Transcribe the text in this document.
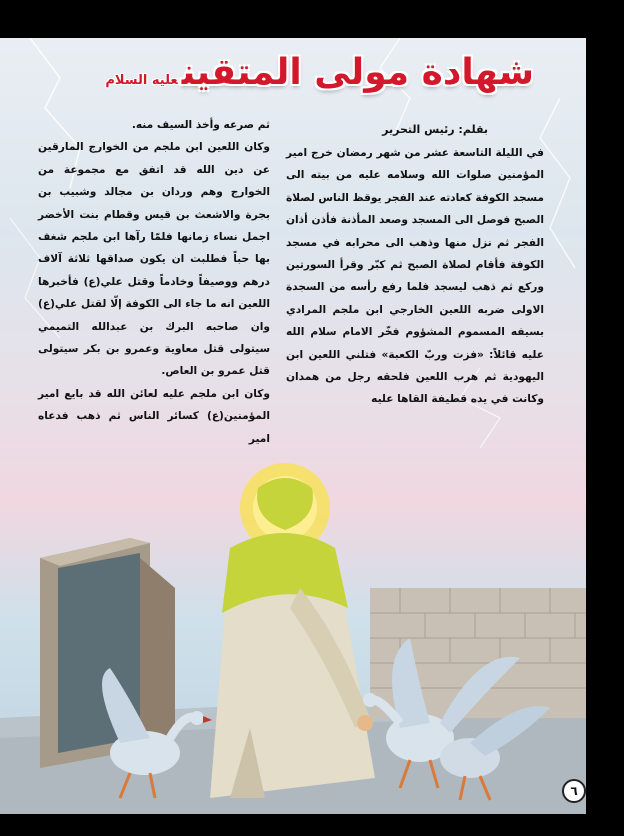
شهادة مولى المتقينعليه السلام
بقلم: رئيس التحرير

في الليلة التاسعة عشر من شهر رمضان خرج امير المؤمنين صلوات الله وسلامه عليه من بيته الى مسجد الكوفة كعادته عند الفجر يوقظ الناس لصلاة الصبح فوصل الى المسجد وصعد المأذنة فأذن أذان الفجر ثم نزل منها وذهب الى محرابه في مسجد الكوفة فأقام لصلاة الصبح ثم كبّر وقرأ السورتين وركع ثم ذهب ليسجد فلما رفع رأسه من السجدة الاولى ضربه اللعين الخارجي ابن ملجم المرادي بسيفه المسموم المشؤوم فخّر الامام سلام الله عليه قائلاً: «فزت وربّ الكعبة» فتلني اللعين ابن اليهودية ثم هرب اللعين فلحقه رجل من همدان وكانت في يده قطيفة القاها عليه

ثم صرعه وأخذ السيف منه.

وكان اللعين ابن ملجم من الخوارج المارقين عن دين الله قد اتفق مع مجموعة من الخوارج وهم وردان بن مجالد وشبيب بن بجرة والاشعث بن قيس وقطام بنت الأخضر اجمل نساء زمانها فلمّا رآها ابن ملجم شغف بها حباً فطلبت ان يكون صداقها ثلاثة آلاف درهم ووصيفاً وخادماً وقتل علي(ع) فأخبرها اللعين انه ما جاء الى الكوفة إلّا لقتل علي(ع) وان صاحبه البرك بن عبدالله التميمي سيتولى قتل معاوية وعمرو بن بكر سيتولى قتل عمرو بن العاص.

وكان ابن ملجم عليه لعائن الله قد بايع امير المؤمنين(ع) كسائر الناس ثم ذهب فدعاه امير

٦
